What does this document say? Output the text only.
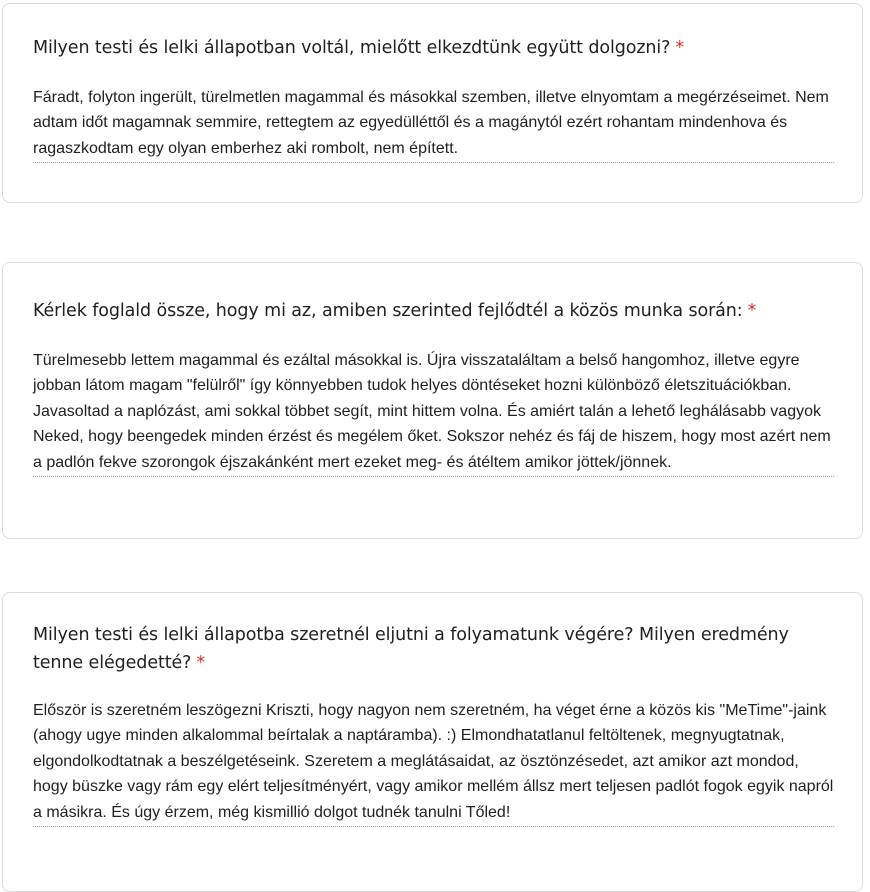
Milyen testi és lelki állapotban voltál, mielőtt elkezdtünk együtt dolgozni? *

Fáradt, folyton ingerült, türelmetlen magammal és másokkal szemben, illetve elnyomtam a megérzéseimet. Nem adtam időt magamnak semmire, rettegtem az egyedülléttől és a magánytól ezért rohantam mindenhova és ragaszkodtam egy olyan emberhez aki rombolt, nem épített.

Kérlek foglald össze, hogy mi az, amiben szerinted fejlődtél a közös munka során: *

Türelmesebb lettem magammal és ezáltal másokkal is. Újra visszataláltam a belső hangomhoz, illetve egyre jobban látom magam "felülről" így könnyebben tudok helyes döntéseket hozni különböző életszituációkban. Javasoltad a naplózást, ami sokkal többet segít, mint hittem volna. És amiért talán a lehető leghálásabb vagyok Neked, hogy beengedek minden érzést és megélem őket. Sokszor nehéz és fáj de hiszem, hogy most azért nem a padlón fekve szorongok éjszakánként mert ezeket meg- és átéltem amikor jöttek/jönnek.

Milyen testi és lelki állapotba szeretnél eljutni a folyamatunk végére? Milyen eredmény tenne elégedetté? *

Először is szeretném leszögezni Kriszti, hogy nagyon nem szeretném, ha véget érne a közös kis "MeTime"-jaink (ahogy ugye minden alkalommal beírtalak a naptáramba). :) Elmondhatatlanul feltöltenek, megnyugtatnak, elgondolkodtatnak a beszélgetéseink. Szeretem a meglátásaidat, az ösztönzésedet, azt amikor azt mondod, hogy büszke vagy rám egy elért teljesítményért, vagy amikor mellém állsz mert teljesen padlót fogok egyik napról a másikra. És úgy érzem, még kismillió dolgot tudnék tanulni Tőled!
